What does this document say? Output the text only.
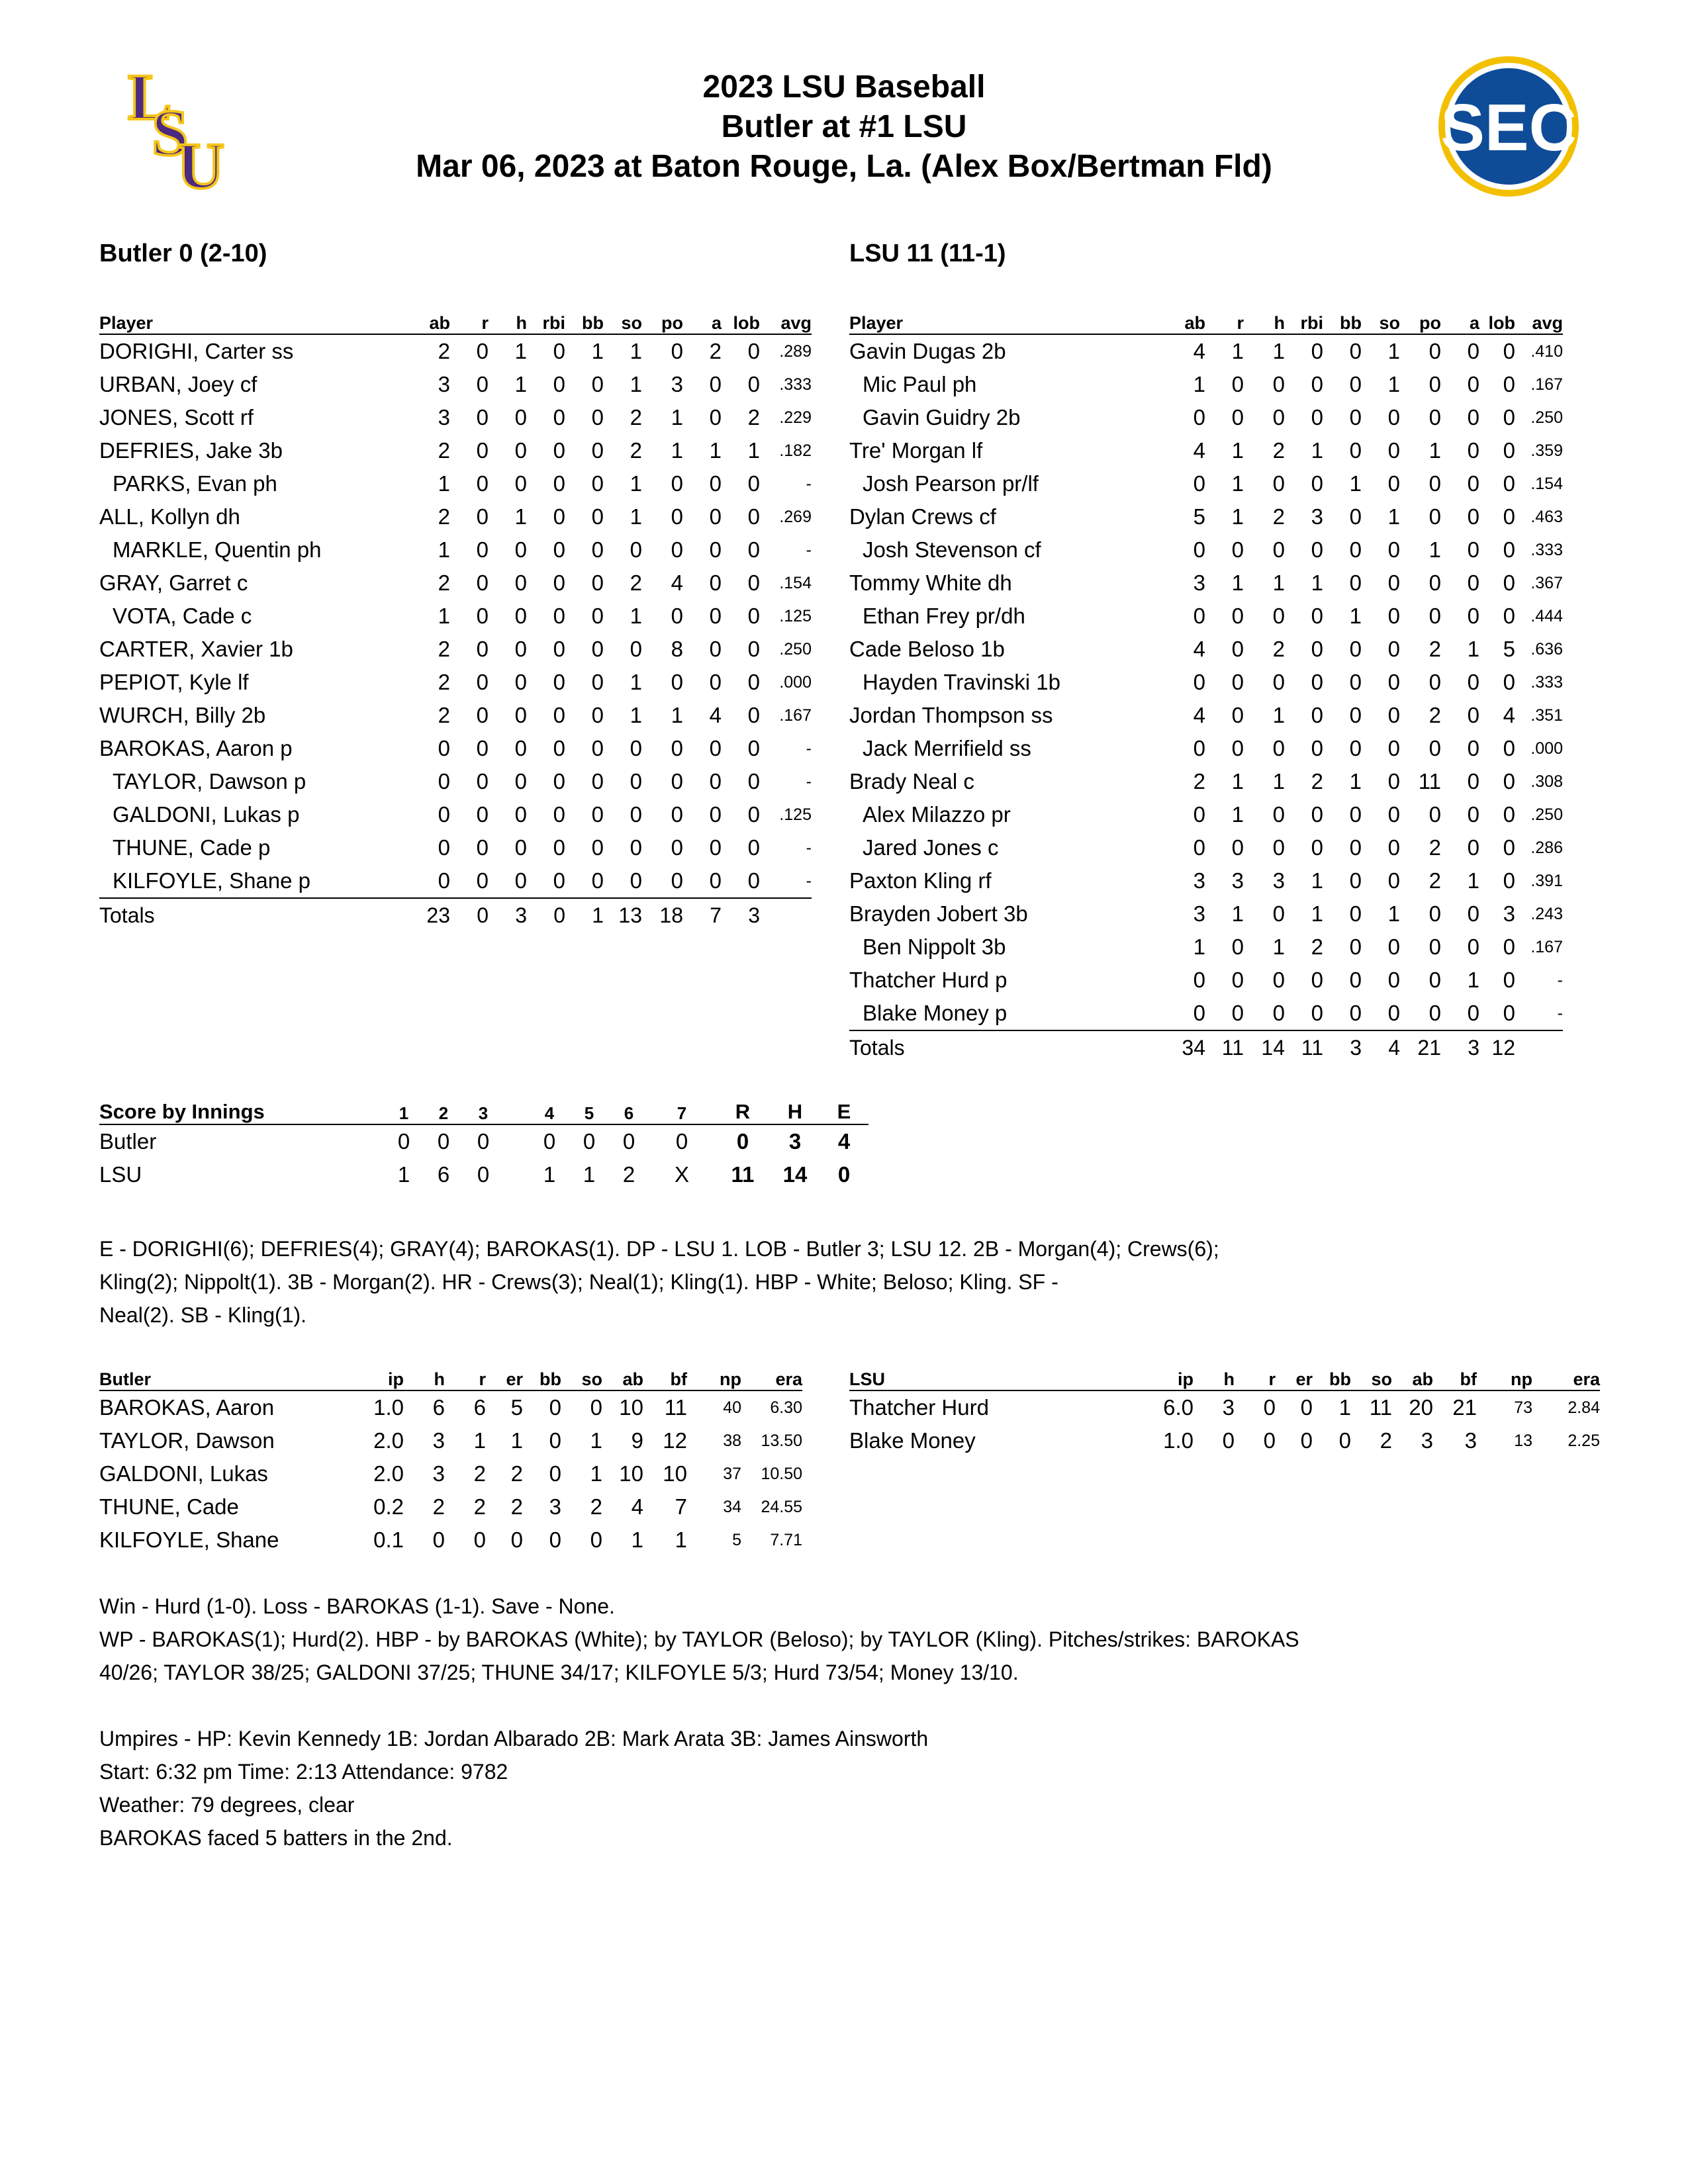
L
S
U
2023 LSU Baseball
Butler at #1 LSU
Mar 06, 2023 at Baton Rouge, La. (Alex Box/Bertman Fld)
SEC
Butler 0 (2-10)	LSU 11 (11-1)
Player	ab	r	h	rbi	bb	so	po	a	lob	avg
DORIGHI, Carter ss	2	0	1	0	1	1	0	2	0	.289
URBAN, Joey cf	3	0	1	0	0	1	3	0	0	.333
JONES, Scott rf	3	0	0	0	0	2	1	0	2	.229
DEFRIES, Jake 3b	2	0	0	0	0	2	1	1	1	.182
PARKS, Evan ph	1	0	0	0	0	1	0	0	0	-
ALL, Kollyn dh	2	0	1	0	0	1	0	0	0	.269
MARKLE, Quentin ph	1	0	0	0	0	0	0	0	0	-
GRAY, Garret c	2	0	0	0	0	2	4	0	0	.154
VOTA, Cade c	1	0	0	0	0	1	0	0	0	.125
CARTER, Xavier 1b	2	0	0	0	0	0	8	0	0	.250
PEPIOT, Kyle lf	2	0	0	0	0	1	0	0	0	.000
WURCH, Billy 2b	2	0	0	0	0	1	1	4	0	.167
BAROKAS, Aaron p	0	0	0	0	0	0	0	0	0	-
TAYLOR, Dawson p	0	0	0	0	0	0	0	0	0	-
GALDONI, Lukas p	0	0	0	0	0	0	0	0	0	.125
THUNE, Cade p	0	0	0	0	0	0	0	0	0	-
KILFOYLE, Shane p	0	0	0	0	0	0	0	0	0	-
Totals	23	0	3	0	1	13	18	7	3	
Player	ab	r	h	rbi	bb	so	po	a	lob	avg
Gavin Dugas 2b	4	1	1	0	0	1	0	0	0	.410
Mic Paul ph	1	0	0	0	0	1	0	0	0	.167
Gavin Guidry 2b	0	0	0	0	0	0	0	0	0	.250
Tre' Morgan lf	4	1	2	1	0	0	1	0	0	.359
Josh Pearson pr/lf	0	1	0	0	1	0	0	0	0	.154
Dylan Crews cf	5	1	2	3	0	1	0	0	0	.463
Josh Stevenson cf	0	0	0	0	0	0	1	0	0	.333
Tommy White dh	3	1	1	1	0	0	0	0	0	.367
Ethan Frey pr/dh	0	0	0	0	1	0	0	0	0	.444
Cade Beloso 1b	4	0	2	0	0	0	2	1	5	.636
Hayden Travinski 1b	0	0	0	0	0	0	0	0	0	.333
Jordan Thompson ss	4	0	1	0	0	0	2	0	4	.351
Jack Merrifield ss	0	0	0	0	0	0	0	0	0	.000
Brady Neal c	2	1	1	2	1	0	11	0	0	.308
Alex Milazzo pr	0	1	0	0	0	0	0	0	0	.250
Jared Jones c	0	0	0	0	0	0	2	0	0	.286
Paxton Kling rf	3	3	3	1	0	0	2	1	0	.391
Brayden Jobert 3b	3	1	0	1	0	1	0	0	3	.243
Ben Nippolt 3b	1	0	1	2	0	0	0	0	0	.167
Thatcher Hurd p	0	0	0	0	0	0	0	1	0	-
Blake Money p	0	0	0	0	0	0	0	0	0	-
Totals	34	11	14	11	3	4	21	3	12	
Score by Innings	1	2	3		4	5	6	7	R	H	E
Butler	0	0	0		0	0	0	0	0	3	4
LSU	1	6	0		1	1	2	X	11	14	0
E - DORIGHI(6); DEFRIES(4); GRAY(4); BAROKAS(1). DP - LSU 1. LOB - Butler 3; LSU 12. 2B - Morgan(4); Crews(6);
Kling(2); Nippolt(1). 3B - Morgan(2). HR - Crews(3); Neal(1); Kling(1). HBP - White; Beloso; Kling. SF -
Neal(2). SB - Kling(1).
Butler	ip	h	r	er	bb	so	ab	bf	np	era
BAROKAS, Aaron	1.0	6	6	5	0	0	10	11	40	6.30
TAYLOR, Dawson	2.0	3	1	1	0	1	9	12	38	13.50
GALDONI, Lukas	2.0	3	2	2	0	1	10	10	37	10.50
THUNE, Cade	0.2	2	2	2	3	2	4	7	34	24.55
KILFOYLE, Shane	0.1	0	0	0	0	0	1	1	5	7.71
LSU	ip	h	r	er	bb	so	ab	bf	np	era
Thatcher Hurd	6.0	3	0	0	1	11	20	21	73	2.84
Blake Money	1.0	0	0	0	0	2	3	3	13	2.25
Win - Hurd (1-0). Loss - BAROKAS (1-1). Save - None.
WP - BAROKAS(1); Hurd(2). HBP - by BAROKAS (White); by TAYLOR (Beloso); by TAYLOR (Kling). Pitches/strikes: BAROKAS
40/26; TAYLOR 38/25; GALDONI 37/25; THUNE 34/17; KILFOYLE 5/3; Hurd 73/54; Money 13/10.
Umpires - HP: Kevin Kennedy 1B: Jordan Albarado 2B: Mark Arata 3B: James Ainsworth
Start: 6:32 pm Time: 2:13 Attendance: 9782
Weather: 79 degrees, clear
BAROKAS faced 5 batters in the 2nd.
